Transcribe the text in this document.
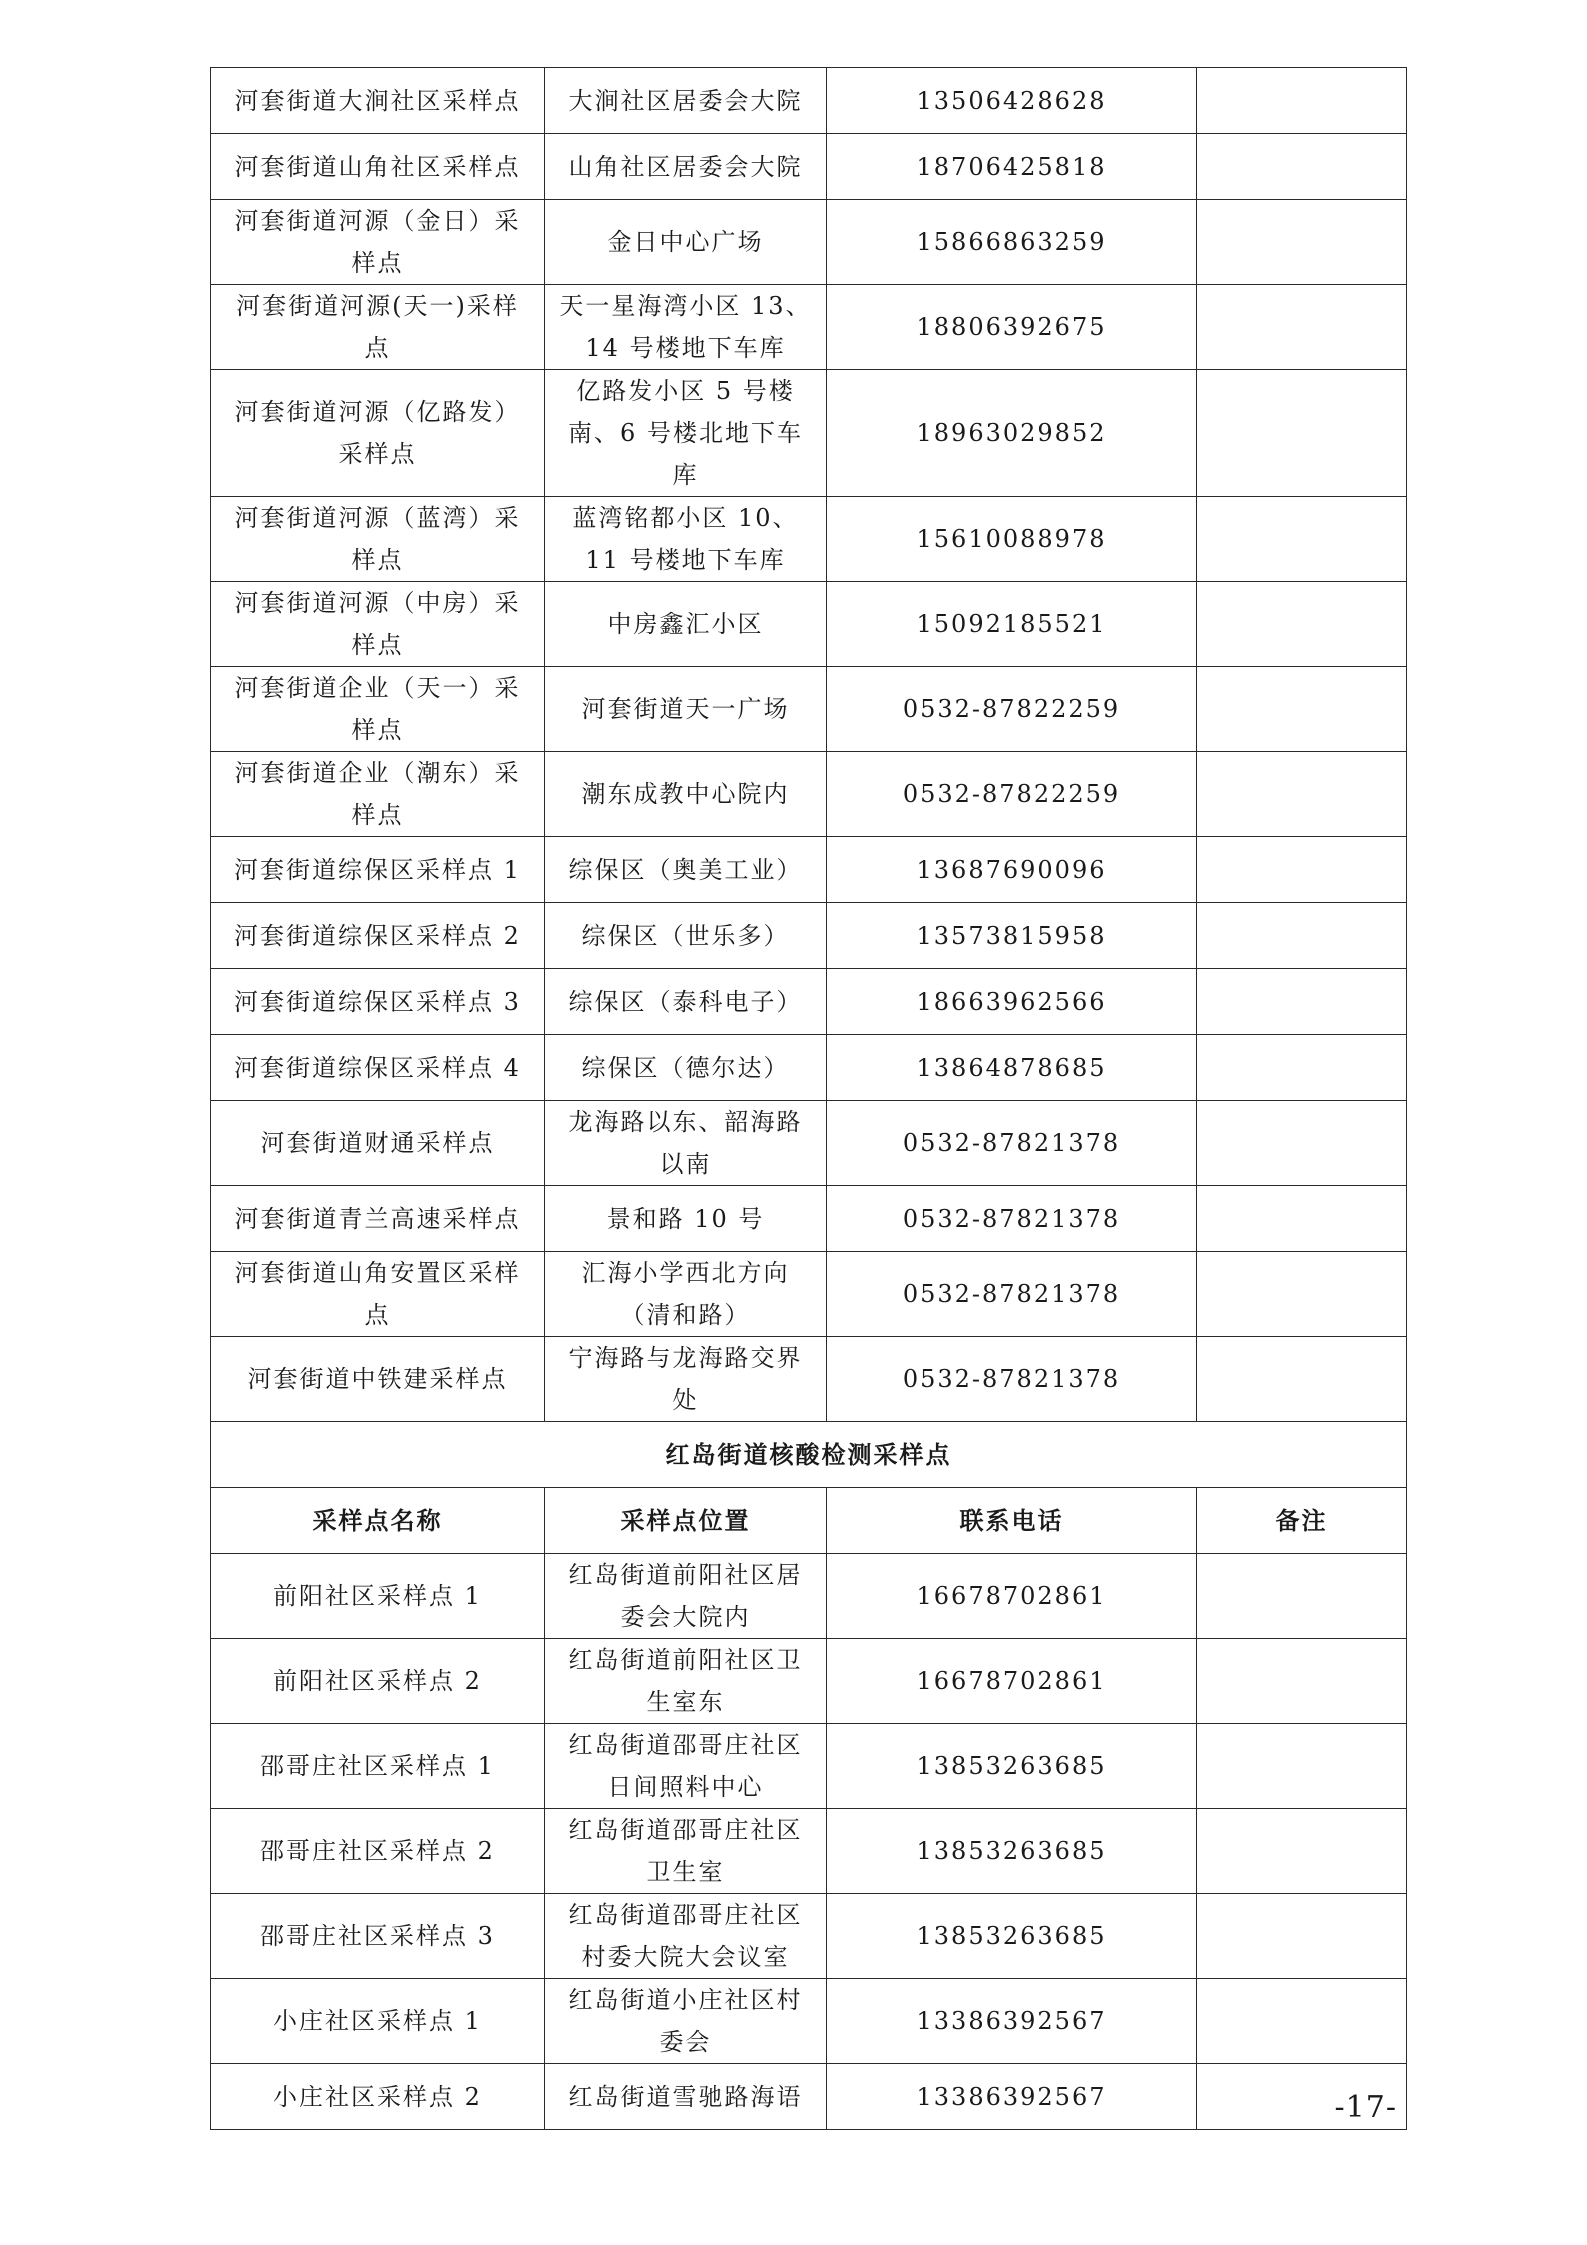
河套街道大涧社区采样点	大涧社区居委会大院	13506428628	
河套街道山角社区采样点	山角社区居委会大院	18706425818	
河套街道河源（金日）采样点	金日中心广场	15866863259	
河套街道河源(天一)采样点	天一星海湾小区 13、14 号楼地下车库	18806392675	
河套街道河源（亿路发）采样点	亿路发小区 5 号楼南、6 号楼北地下车库	18963029852	
河套街道河源（蓝湾）采样点	蓝湾铭都小区 10、11 号楼地下车库	15610088978	
河套街道河源（中房）采样点	中房鑫汇小区	15092185521	
河套街道企业（天一）采样点	河套街道天一广场	0532-87822259	
河套街道企业（潮东）采样点	潮东成教中心院内	0532-87822259	
河套街道综保区采样点 1	综保区（奥美工业）	13687690096	
河套街道综保区采样点 2	综保区（世乐多）	13573815958	
河套街道综保区采样点 3	综保区（泰科电子）	18663962566	
河套街道综保区采样点 4	综保区（德尔达）	13864878685	
河套街道财通采样点	龙海路以东、韶海路以南	0532-87821378	
河套街道青兰高速采样点	景和路 10 号	0532-87821378	
河套街道山角安置区采样点	汇海小学西北方向（清和路）	0532-87821378	
河套街道中铁建采样点	宁海路与龙海路交界处	0532-87821378	
红岛街道核酸检测采样点			
采样点名称	采样点位置	联系电话	备注
前阳社区采样点 1	红岛街道前阳社区居委会大院内	16678702861	
前阳社区采样点 2	红岛街道前阳社区卫生室东	16678702861	
邵哥庄社区采样点 1	红岛街道邵哥庄社区日间照料中心	13853263685	
邵哥庄社区采样点 2	红岛街道邵哥庄社区卫生室	13853263685	
邵哥庄社区采样点 3	红岛街道邵哥庄社区村委大院大会议室	13853263685	
小庄社区采样点 1	红岛街道小庄社区村委会	13386392567	
小庄社区采样点 2	红岛街道雪驰路海语	13386392567		-17-
